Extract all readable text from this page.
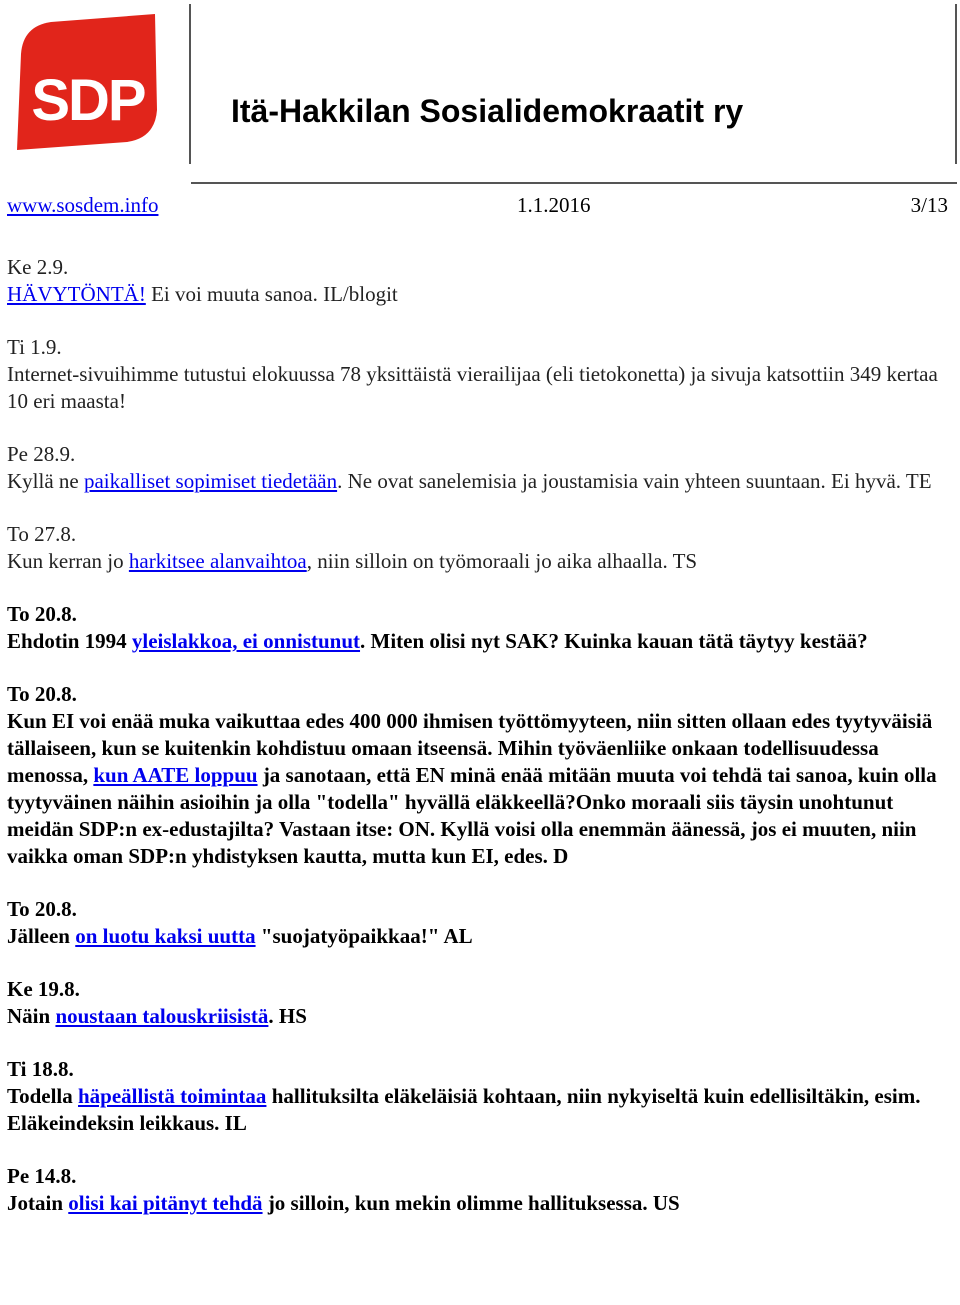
SDP	Itä-Hakkilan Sosialidemokraatit ry
www.sosdem.info	1.1.2016	3/13

Ke 2.9.

HÄVYTÖNTÄ! Ei voi muuta sanoa. IL/blogit

Ti 1.9.

Internet-sivuihimme tutustui elokuussa 78 yksittäistä vierailijaa (eli tietokonetta) ja sivuja katsottiin 349 kertaa 10 eri maasta!

Pe 28.9.

Kyllä ne paikalliset sopimiset tiedetään. Ne ovat sanelemisia ja joustamisia vain yhteen suuntaan. Ei hyvä. TE

To 27.8.

Kun kerran jo harkitsee alanvaihtoa, niin silloin on työmoraali jo aika alhaalla. TS

To 20.8.

Ehdotin 1994 yleislakkoa, ei onnistunut. Miten olisi nyt SAK? Kuinka kauan tätä täytyy kestää?

To 20.8.

Kun EI voi enää muka vaikuttaa edes 400 000 ihmisen työttömyyteen, niin sitten ollaan edes tyytyväisiä tällaiseen, kun se kuitenkin kohdistuu omaan itseensä. Mihin työväenliike onkaan todellisuudessa menossa, kun AATE loppuu ja sanotaan, että EN minä enää mitään muuta voi tehdä tai sanoa, kuin olla tyytyväinen näihin asioihin ja olla "todella" hyvällä eläkkeellä?Onko moraali siis täysin unohtunut meidän SDP:n ex-edustajilta? Vastaan itse: ON. Kyllä voisi olla enemmän äänessä, jos ei muuten, niin vaikka oman SDP:n yhdistyksen kautta, mutta kun EI, edes. D

To 20.8.

Jälleen on luotu kaksi uutta "suojatyöpaikkaa!" AL

Ke 19.8.

Näin noustaan talouskriisistä. HS

Ti 18.8.

Todella häpeällistä toimintaa hallituksilta eläkeläisiä kohtaan, niin nykyiseltä kuin edellisiltäkin, esim. Eläkeindeksin leikkaus. IL

Pe 14.8.

Jotain olisi kai pitänyt tehdä jo silloin, kun mekin olimme hallituksessa. US
